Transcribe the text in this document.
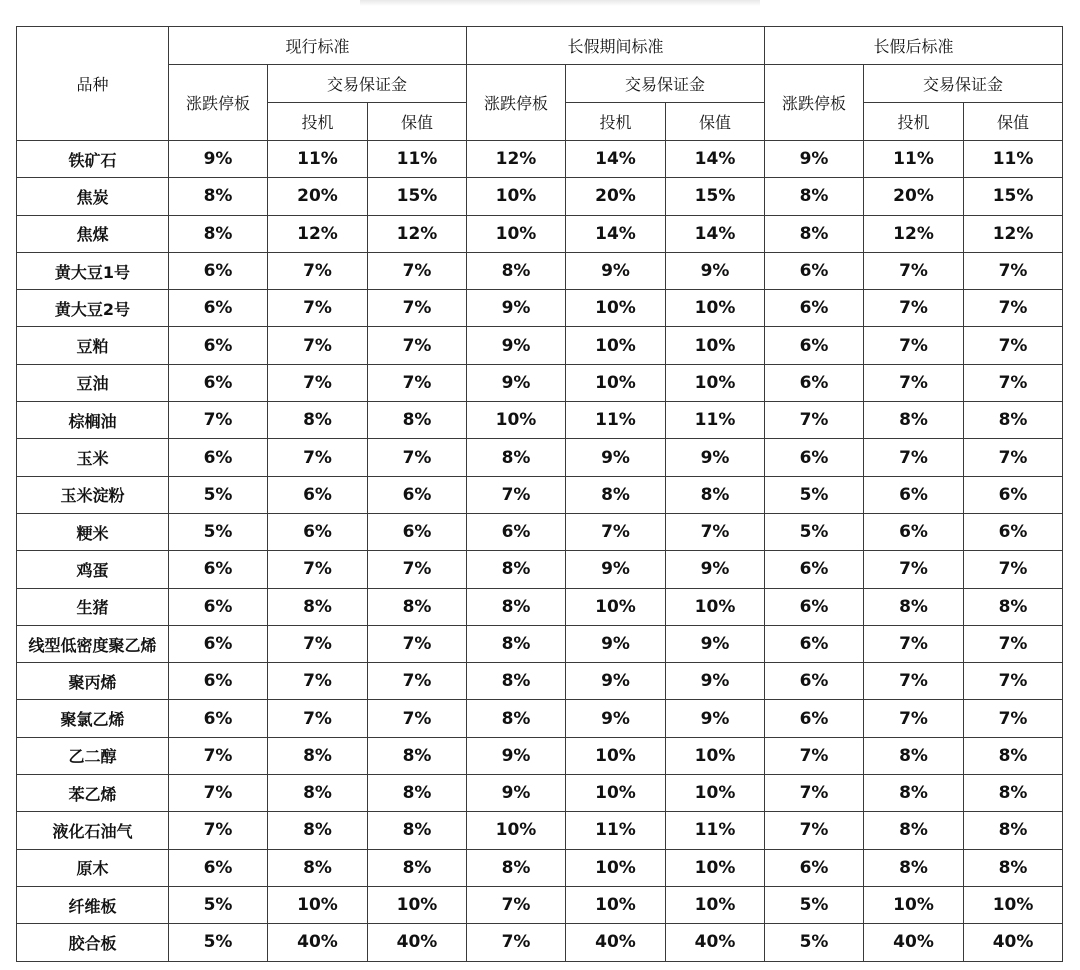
品种	现行标准			长假期间标准			长假后标准		
	涨跌停板	交易保证金		涨跌停板	交易保证金		涨跌停板	交易保证金	
		投机	保值		投机	保值		投机	保值
铁矿石	9%	11%	11%	12%	14%	14%	9%	11%	11%
焦炭	8%	20%	15%	10%	20%	15%	8%	20%	15%
焦煤	8%	12%	12%	10%	14%	14%	8%	12%	12%
黄大豆1号	6%	7%	7%	8%	9%	9%	6%	7%	7%
黄大豆2号	6%	7%	7%	9%	10%	10%	6%	7%	7%
豆粕	6%	7%	7%	9%	10%	10%	6%	7%	7%
豆油	6%	7%	7%	9%	10%	10%	6%	7%	7%
棕榈油	7%	8%	8%	10%	11%	11%	7%	8%	8%
玉米	6%	7%	7%	8%	9%	9%	6%	7%	7%
玉米淀粉	5%	6%	6%	7%	8%	8%	5%	6%	6%
粳米	5%	6%	6%	6%	7%	7%	5%	6%	6%
鸡蛋	6%	7%	7%	8%	9%	9%	6%	7%	7%
生猪	6%	8%	8%	8%	10%	10%	6%	8%	8%
线型低密度聚乙烯	6%	7%	7%	8%	9%	9%	6%	7%	7%
聚丙烯	6%	7%	7%	8%	9%	9%	6%	7%	7%
聚氯乙烯	6%	7%	7%	8%	9%	9%	6%	7%	7%
乙二醇	7%	8%	8%	9%	10%	10%	7%	8%	8%
苯乙烯	7%	8%	8%	9%	10%	10%	7%	8%	8%
液化石油气	7%	8%	8%	10%	11%	11%	7%	8%	8%
原木	6%	8%	8%	8%	10%	10%	6%	8%	8%
纤维板	5%	10%	10%	7%	10%	10%	5%	10%	10%
胶合板	5%	40%	40%	7%	40%	40%	5%	40%	40%
